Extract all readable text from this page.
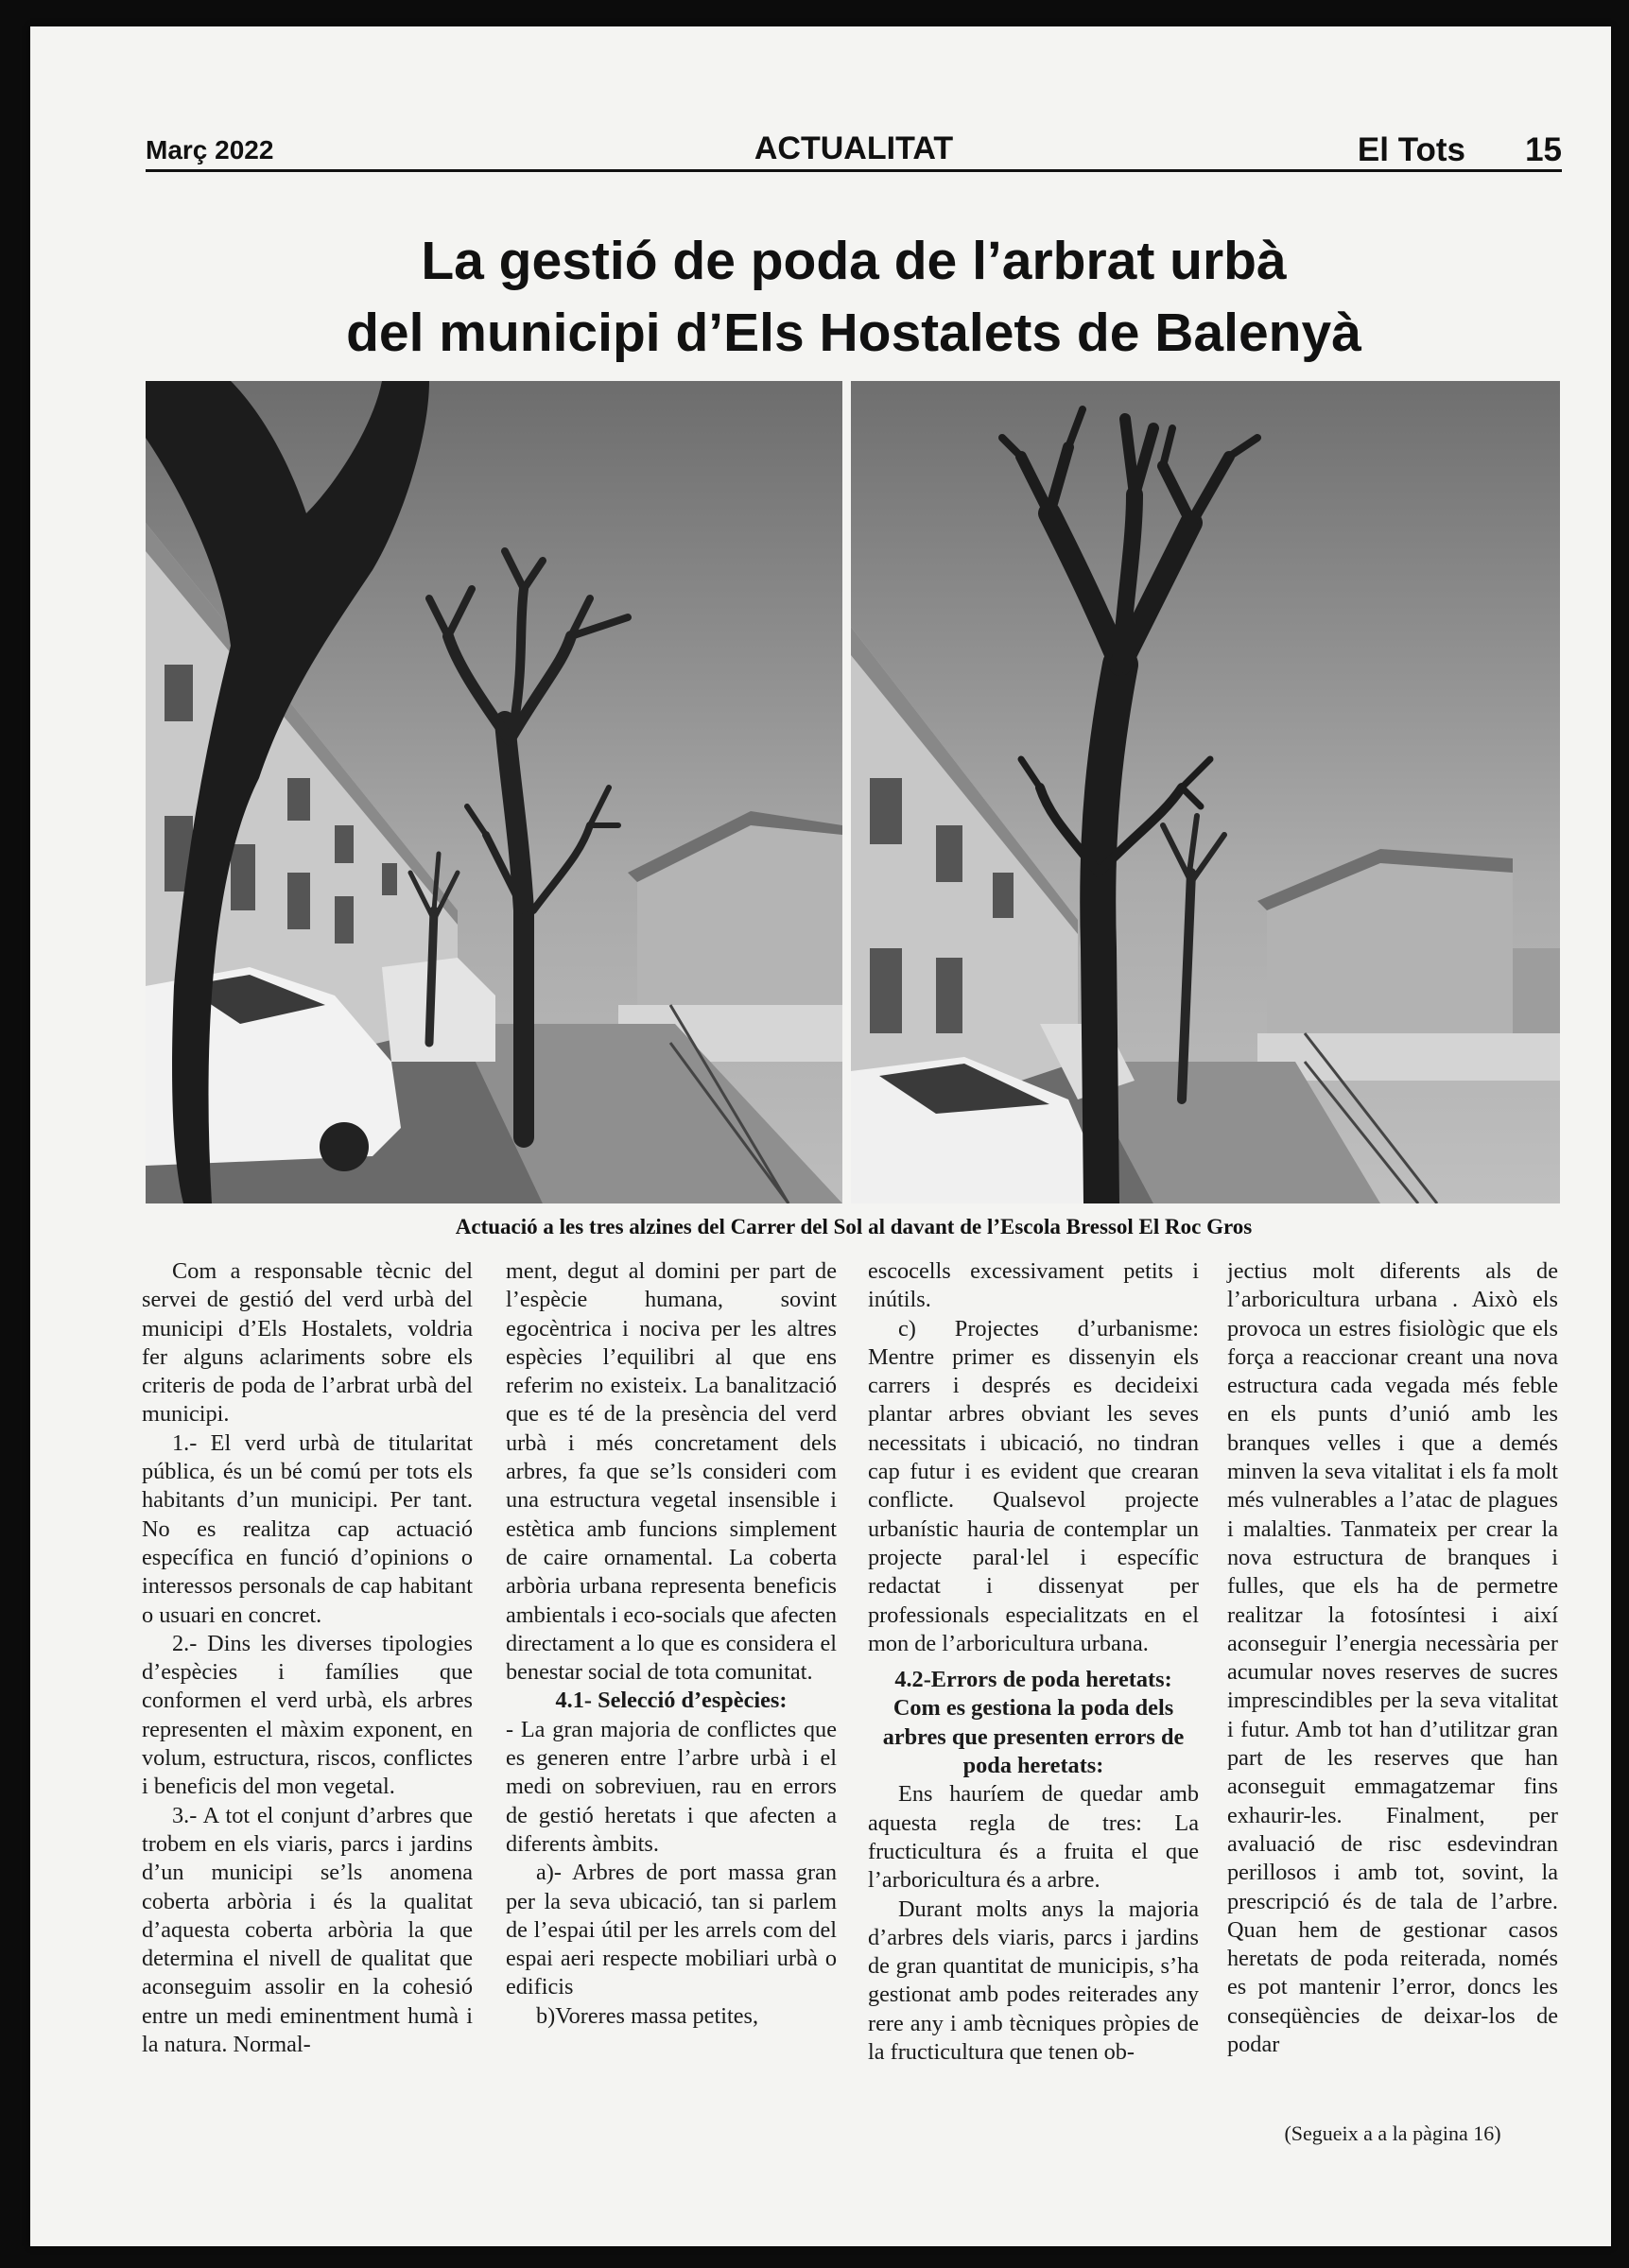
Març 2022	ACTUALITAT	El Tots 15
La gestió de poda de l’arbrat urbà
del municipi d’Els Hostalets de Balenyà
Actuació a les tres alzines del Carrer del Sol al davant de l’Escola Bressol El Roc Gros

Com a responsable tècnic del servei de gestió del verd urbà del municipi d’Els Hostalets, voldria fer alguns aclariments sobre els criteris de poda de l’arbrat urbà del municipi.

1.- El verd urbà de titularitat pública, és un bé comú per tots els habitants d’un municipi. Per tant. No es realitza cap actuació específica en funció d’opinions o interessos personals de cap habitant o usuari en concret.

2.- Dins les diverses tipologies d’espècies i famílies que conformen el verd urbà, els arbres representen el màxim exponent, en volum, estructura, riscos, conflictes i beneficis del mon vegetal.

3.- A tot el conjunt d’arbres que trobem en els viaris, parcs i jardins d’un municipi se’ls anomena coberta arbòria i és la qualitat d’aquesta coberta arbòria la que determina el nivell de qualitat que aconseguim assolir en la cohesió entre un medi eminentment humà i la natura. Normal-

ment, degut al domini per part de l’espècie humana, sovint egocèntrica i nociva per les altres espècies l’equilibri al que ens referim no existeix. La banalització que es té de la presència del verd urbà i més concretament dels arbres, fa que se’ls consideri com una estructura vegetal insensible i estètica amb funcions simplement de caire ornamental. La coberta arbòria urbana representa beneficis ambientals i eco-socials que afecten directament a lo que es considera el benestar social de tota comunitat.

4.1- Selecció d’espècies:

- La gran majoria de conflictes que es generen entre l’arbre urbà i el medi on sobreviuen, rau en errors de gestió heretats i que afecten a diferents àmbits.

a)- Arbres de port massa gran per la seva ubicació, tan si parlem de l’espai útil per les arrels com del espai aeri respecte mobiliari urbà o edificis

b)Voreres massa petites,

escocells excessivament petits i inútils.

c) Projectes d’urbanisme: Mentre primer es dissenyin els carrers i després es decideixi plantar arbres obviant les seves necessitats i ubicació, no tindran cap futur i es evident que crearan conflicte. Qualsevol projecte urbanístic hauria de contemplar un projecte paral·lel i específic redactat i dissenyat per professionals especialitzats en el mon de l’arboricultura urbana.

4.2-Errors de poda heretats:

Com es gestiona la poda dels arbres que presenten errors de poda heretats:

Ens hauríem de quedar amb aquesta regla de tres: La fructicultura és a fruita el que l’arboricultura és a arbre.

Durant molts anys la majoria d’arbres dels viaris, parcs i jardins de gran quantitat de municipis, s’ha gestionat amb podes reiterades any rere any i amb tècniques pròpies de la fructicultura que tenen ob-

jectius molt diferents als de l’arboricultura urbana . Això els provoca un estres fisiològic que els força a reaccionar creant una nova estructura cada vegada més feble en els punts d’unió amb les branques velles i que a demés minven la seva vitalitat i els fa molt més vulnerables a l’atac de plagues i malalties. Tanmateix per crear la nova estructura de branques i fulles, que els ha de permetre realitzar la fotosíntesi i així aconseguir l’energia necessària per acumular noves reserves de sucres imprescindibles per la seva vitalitat i futur. Amb tot han d’utilitzar gran part de les reserves que han aconseguit emmagatzemar fins exhaurir-les. Finalment, per avaluació de risc esdevindran perillosos i amb tot, sovint, la prescripció és de tala de l’arbre. Quan hem de gestionar casos heretats de poda reiterada, només es pot mantenir l’error, doncs les conseqüències de deixar-los de podar

(Segueix a a la pàgina 16)
